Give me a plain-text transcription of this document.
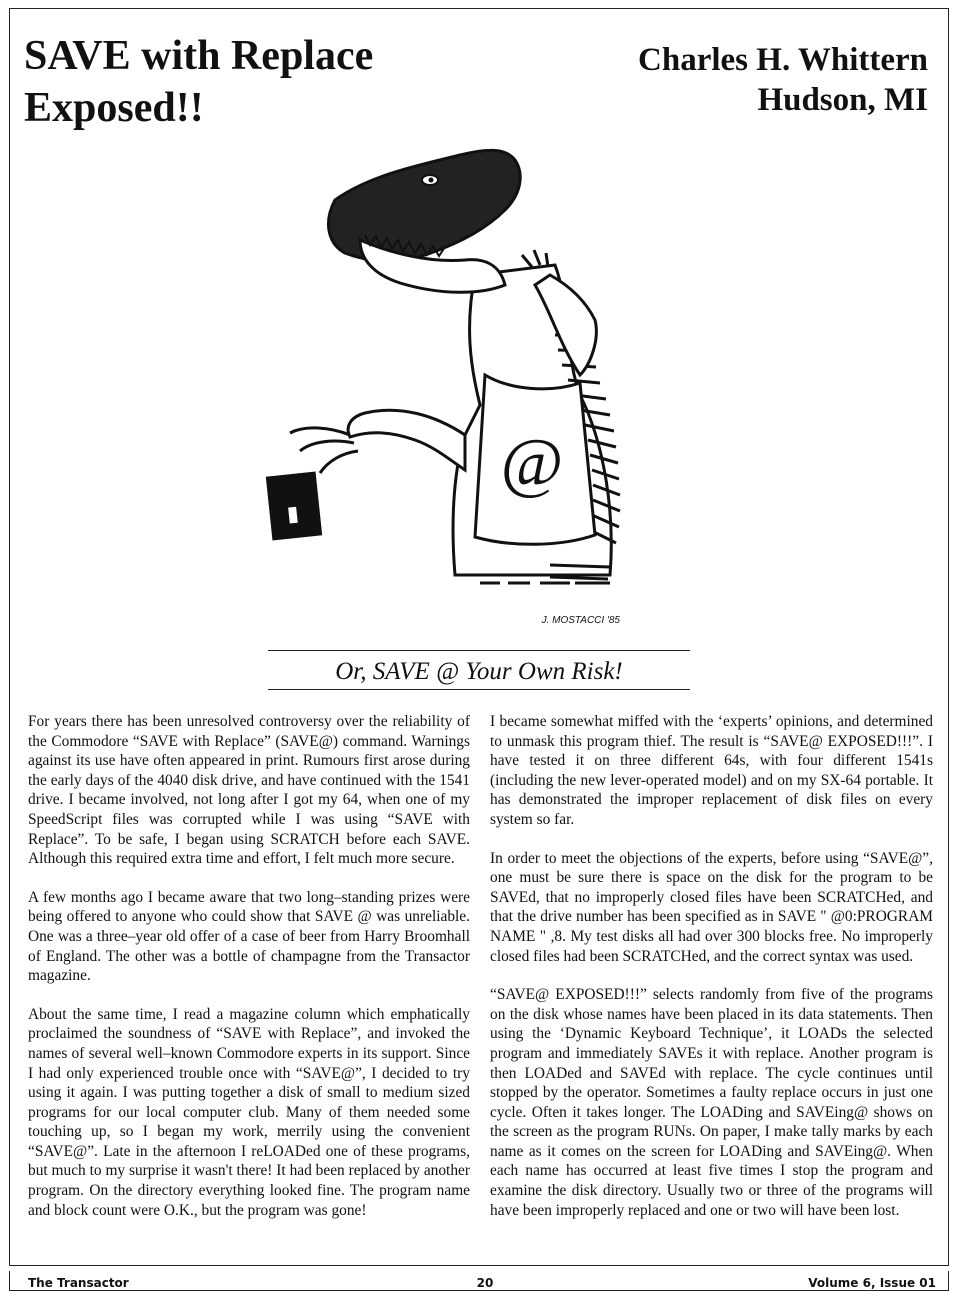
SAVE with Replace
Exposed!!
Charles H. Whittern
Hudson, MI
@
J. MOSTACCI '85
Or, SAVE @ Your Own Risk!

For years there has been unresolved controversy over the reliability of the Commodore “SAVE with Replace” (SAVE@) command. Warnings against its use have often appeared in print. Rumours first arose during the early days of the 4040 disk drive, and have continued with the 1541 drive. I became involved, not long after I got my 64, when one of my SpeedScript files was corrupted while I was using “SAVE with Replace”. To be safe, I began using SCRATCH before each SAVE. Although this required extra time and effort, I felt much more secure.

A few months ago I became aware that two long–standing prizes were being offered to anyone who could show that SAVE @ was unreliable. One was a three–year old offer of a case of beer from Harry Broomhall of England. The other was a bottle of champagne from the Transactor magazine.

About the same time, I read a magazine column which emphatically proclaimed the soundness of “SAVE with Replace”, and invoked the names of several well–known Commodore experts in its support. Since I had only experienced trouble once with “SAVE@”, I decided to try using it again. I was putting together a disk of small to medium sized programs for our local computer club. Many of them needed some touching up, so I began my work, merrily using the convenient “SAVE@”. Late in the afternoon I reLOADed one of these programs, but much to my surprise it wasn't there! It had been replaced by another program. On the directory everything looked fine. The program name and block count were O.K., but the program was gone!

I became somewhat miffed with the ‘experts’ opinions, and determined to unmask this program thief. The result is “SAVE@ EXPOSED!!!”. I have tested it on three different 64s, with four different 1541s (including the new lever-operated model) and on my SX-64 portable. It has demonstrated the improper replacement of disk files on every system so far.

In order to meet the objections of the experts, before using “SAVE@”, one must be sure there is space on the disk for the program to be SAVEd, that no improperly closed files have been SCRATCHed, and that the drive number has been specified as in SAVE " @0:PROGRAM NAME " ,8. My test disks all had over 300 blocks free. No improperly closed files had been SCRATCHed, and the correct syntax was used.

“SAVE@ EXPOSED!!!” selects randomly from five of the programs on the disk whose names have been placed in its data statements. Then using the ‘Dynamic Keyboard Technique’, it LOADs the selected program and immediately SAVEs it with replace. Another program is then LOADed and SAVEd with replace. The cycle continues until stopped by the operator. Sometimes a faulty replace occurs in just one cycle. Often it takes longer. The LOADing and SAVEing@ shows on the screen as the program RUNs. On paper, I make tally marks by each name as it comes on the screen for LOADing and SAVEing@. When each name has occurred at least five times I stop the program and examine the disk directory. Usually two or three of the programs will have been improperly replaced and one or two will have been lost.

The Transactor	20	Volume 6, Issue 01
